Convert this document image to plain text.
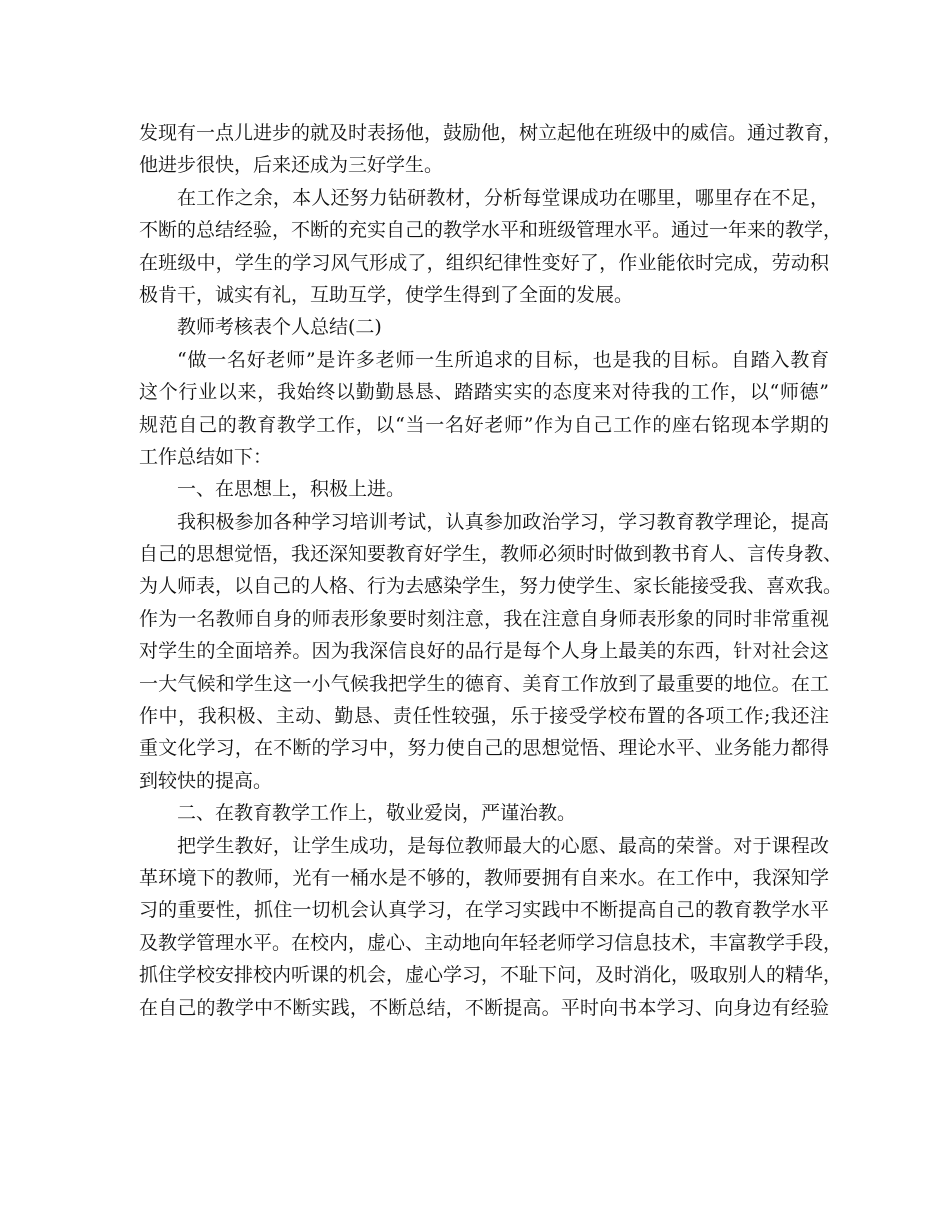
发现有一点儿进步的就及时表扬他，鼓励他，树立起他在班级中的威信。通过教育，
他进步很快，后来还成为三好学生。
在工作之余，本人还努力钻研教材，分析每堂课成功在哪里，哪里存在不足，
不断的总结经验，不断的充实自己的教学水平和班级管理水平。通过一年来的教学，
在班级中，学生的学习风气形成了，组织纪律性变好了，作业能依时完成，劳动积
极肯干，诚实有礼，互助互学，使学生得到了全面的发展。
教师考核表个人总结(二)
“做一名好老师”是许多老师一生所追求的目标，也是我的目标。自踏入教育
这个行业以来，我始终以勤勤恳恳、踏踏实实的态度来对待我的工作，以“师德”
规范自己的教育教学工作，以“当一名好老师”作为自己工作的座右铭现本学期的
工作总结如下：
一、在思想上，积极上进。
我积极参加各种学习培训考试，认真参加政治学习，学习教育教学理论，提高
自己的思想觉悟，我还深知要教育好学生，教师必须时时做到教书育人、言传身教、
为人师表，以自己的人格、行为去感染学生，努力使学生、家长能接受我、喜欢我。
作为一名教师自身的师表形象要时刻注意，我在注意自身师表形象的同时非常重视
对学生的全面培养。因为我深信良好的品行是每个人身上最美的东西，针对社会这
一大气候和学生这一小气候我把学生的德育、美育工作放到了最重要的地位。在工
作中，我积极、主动、勤恳、责任性较强，乐于接受学校布置的各项工作;我还注
重文化学习，在不断的学习中，努力使自己的思想觉悟、理论水平、业务能力都得
到较快的提高。
二、在教育教学工作上，敬业爱岗，严谨治教。
把学生教好，让学生成功，是每位教师最大的心愿、最高的荣誉。对于课程改
革环境下的教师，光有一桶水是不够的，教师要拥有自来水。在工作中，我深知学
习的重要性，抓住一切机会认真学习，在学习实践中不断提高自己的教育教学水平
及教学管理水平。在校内，虚心、主动地向年轻老师学习信息技术，丰富教学手段，
抓住学校安排校内听课的机会，虚心学习，不耻下问，及时消化，吸取别人的精华，
在自己的教学中不断实践，不断总结，不断提高。平时向书本学习、向身边有经验
